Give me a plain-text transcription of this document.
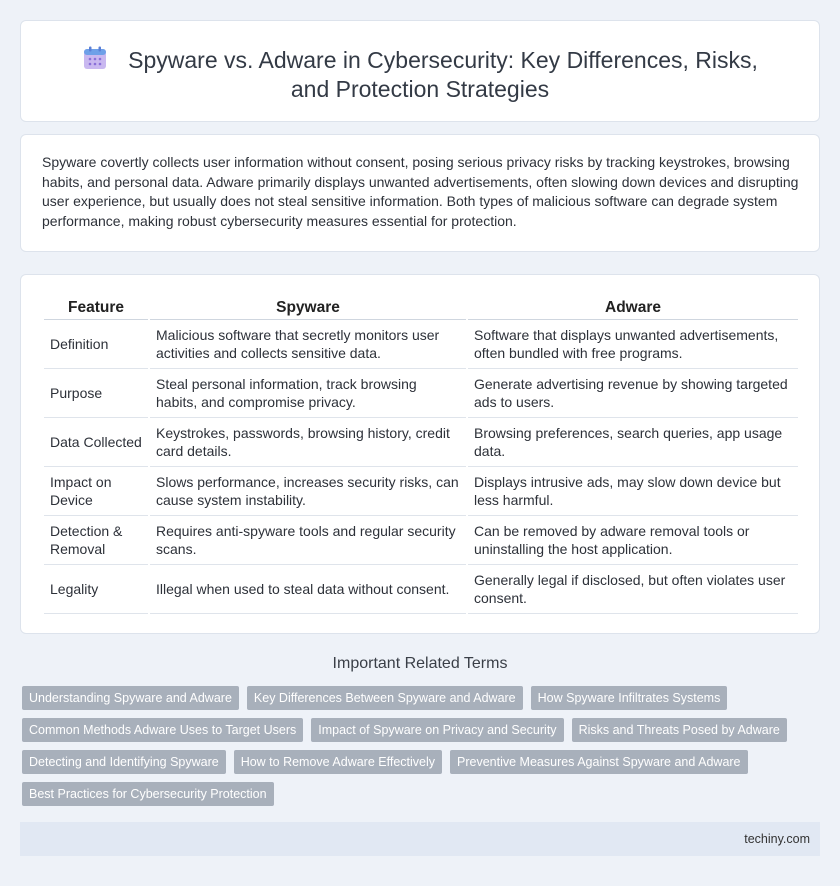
Spyware vs. Adware in Cybersecurity: Key Differences, Risks, and Protection Strategies

Spyware covertly collects user information without consent, posing serious privacy risks by tracking keystrokes, browsing habits, and personal data. Adware primarily displays unwanted advertisements, often slowing down devices and disrupting user experience, but usually does not steal sensitive information. Both types of malicious software can degrade system performance, making robust cybersecurity measures essential for protection.

Feature	Spyware	Adware
Definition	Malicious software that secretly monitors user activities and collects sensitive data.	Software that displays unwanted advertisements, often bundled with free programs.
Purpose	Steal personal information, track browsing habits, and compromise privacy.	Generate advertising revenue by showing targeted ads to users.
Data Collected	Keystrokes, passwords, browsing history, credit card details.	Browsing preferences, search queries, app usage data.
Impact on Device	Slows performance, increases security risks, can cause system instability.	Displays intrusive ads, may slow down device but less harmful.
Detection & Removal	Requires anti-spyware tools and regular security scans.	Can be removed by adware removal tools or uninstalling the host application.
Legality	Illegal when used to steal data without consent.	Generally legal if disclosed, but often violates user consent.
Important Related Terms
Understanding Spyware and Adware	Key Differences Between Spyware and Adware	How Spyware Infiltrates Systems
Common Methods Adware Uses to Target Users	Impact of Spyware on Privacy and Security	Risks and Threats Posed by Adware
Detecting and Identifying Spyware	How to Remove Adware Effectively	Preventive Measures Against Spyware and Adware
Best Practices for Cybersecurity Protection
techiny.com
